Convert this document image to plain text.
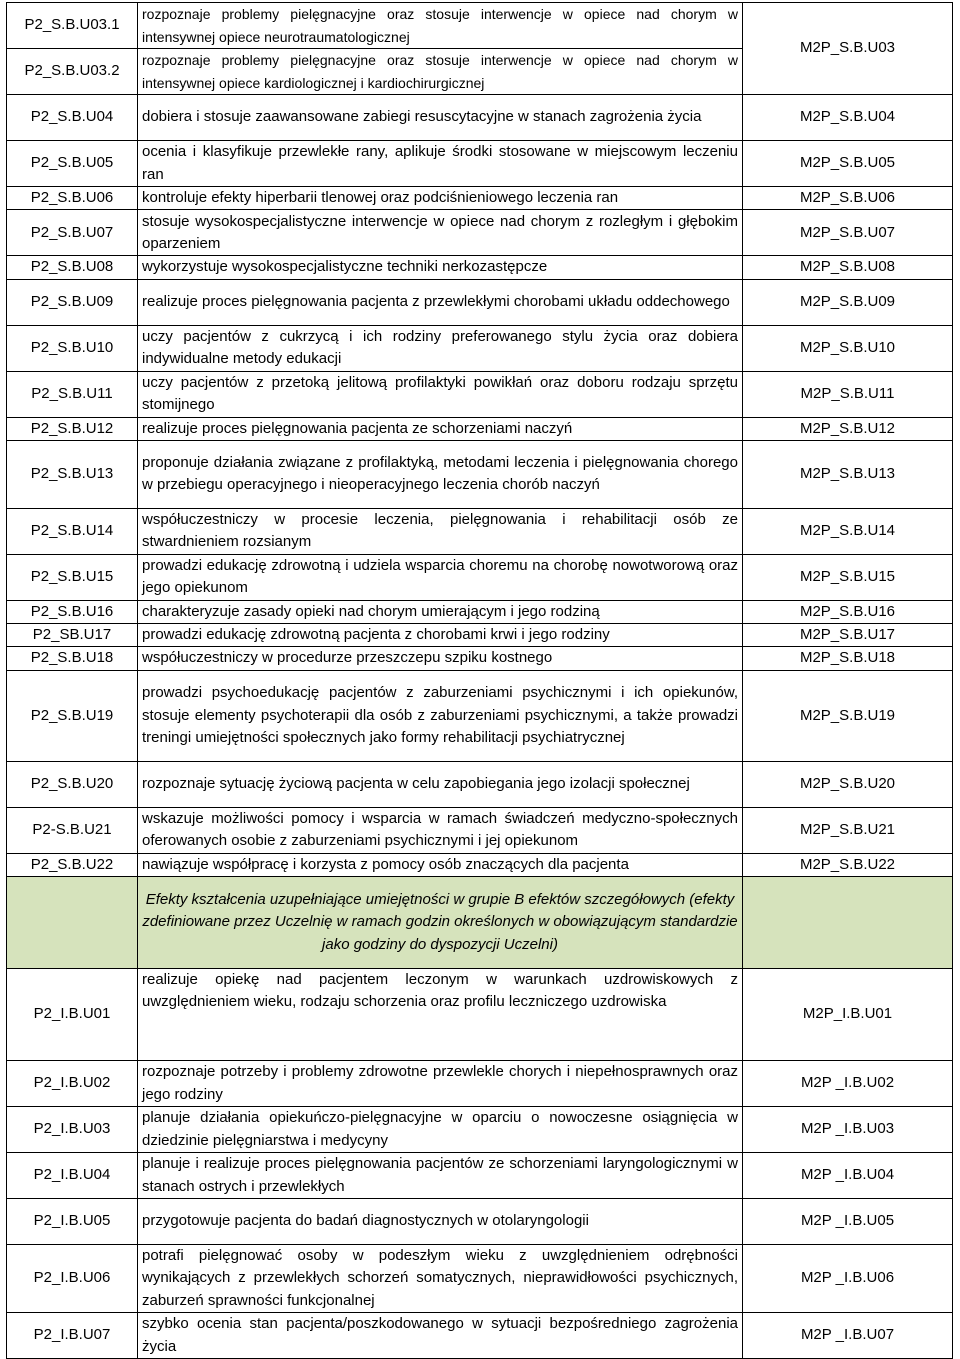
P2_S.B.U03.1	rozpoznaje problemy pielęgnacyjne oraz stosuje interwencje w opiece nad chorym w intensywnej opiece neurotraumatologicznej	M2P_S.B.U03
P2_S.B.U03.2	rozpoznaje problemy pielęgnacyjne oraz stosuje interwencje w opiece nad chorym w intensywnej opiece kardiologicznej i kardiochirurgicznej	
P2_S.B.U04	dobiera i stosuje zaawansowane zabiegi resuscytacyjne w stanach zagrożenia życia	M2P_S.B.U04
P2_S.B.U05	ocenia i klasyfikuje przewlekłe rany, aplikuje środki stosowane w miejscowym leczeniu ran	M2P_S.B.U05
P2_S.B.U06	kontroluje efekty hiperbarii tlenowej oraz podciśnieniowego leczenia ran	M2P_S.B.U06
P2_S.B.U07	stosuje wysokospecjalistyczne interwencje w opiece nad chorym z rozległym i głębokim oparzeniem	M2P_S.B.U07
P2_S.B.U08	wykorzystuje wysokospecjalistyczne techniki nerkozastępcze	M2P_S.B.U08
P2_S.B.U09	realizuje proces pielęgnowania pacjenta z przewlekłymi chorobami układu oddechowego	M2P_S.B.U09
P2_S.B.U10	uczy pacjentów z cukrzycą i ich rodziny preferowanego stylu życia oraz dobiera indywidualne metody edukacji	M2P_S.B.U10
P2_S.B.U11	uczy pacjentów z przetoką jelitową profilaktyki powikłań oraz doboru rodzaju sprzętu stomijnego	M2P_S.B.U11
P2_S.B.U12	realizuje proces pielęgnowania pacjenta ze schorzeniami naczyń	M2P_S.B.U12
P2_S.B.U13	proponuje działania związane z profilaktyką, metodami leczenia i pielęgnowania chorego w przebiegu operacyjnego i nieoperacyjnego leczenia chorób naczyń	M2P_S.B.U13
P2_S.B.U14	współuczestniczy w procesie leczenia, pielęgnowania i rehabilitacji osób ze stwardnieniem rozsianym	M2P_S.B.U14
P2_S.B.U15	prowadzi edukację zdrowotną i udziela wsparcia choremu na chorobę nowotworową oraz jego opiekunom	M2P_S.B.U15
P2_S.B.U16	charakteryzuje zasady opieki nad chorym umierającym i jego rodziną	M2P_S.B.U16
P2_SB.U17	prowadzi edukację zdrowotną pacjenta z chorobami krwi i jego rodziny	M2P_S.B.U17
P2_S.B.U18	współuczestniczy w procedurze przeszczepu szpiku kostnego	M2P_S.B.U18
P2_S.B.U19	prowadzi psychoedukację pacjentów z zaburzeniami psychicznymi i ich opiekunów, stosuje elementy psychoterapii dla osób z zaburzeniami psychicznymi, a także prowadzi treningi umiejętności społecznych jako formy rehabilitacji psychiatrycznej	M2P_S.B.U19
P2_S.B.U20	rozpoznaje sytuację życiową pacjenta w celu zapobiegania jego izolacji społecznej	M2P_S.B.U20
P2-S.B.U21	wskazuje możliwości pomocy i wsparcia w ramach świadczeń medyczno-społecznych oferowanych osobie z zaburzeniami psychicznymi i jej opiekunom	M2P_S.B.U21
P2_S.B.U22	nawiązuje współpracę i korzysta z pomocy osób znaczących dla pacjenta	M2P_S.B.U22
	Efekty kształcenia uzupełniające umiejętności w grupie B efektów szczegółowych (efekty zdefiniowane przez Uczelnię w ramach godzin określonych w obowiązującym standardzie jako godziny do dyspozycji Uczelni)	
P2_I.B.U01	realizuje opiekę nad pacjentem leczonym w warunkach uzdrowiskowych z uwzględnieniem wieku, rodzaju schorzenia oraz profilu leczniczego uzdrowiska	M2P_I.B.U01
P2_I.B.U02	rozpoznaje potrzeby i problemy zdrowotne przewlekle chorych i niepełnosprawnych oraz jego rodziny	M2P _I.B.U02
P2_I.B.U03	planuje działania opiekuńczo-pielęgnacyjne w oparciu o nowoczesne osiągnięcia w dziedzinie pielęgniarstwa i medycyny	M2P _I.B.U03
P2_I.B.U04	planuje i realizuje proces pielęgnowania pacjentów ze schorzeniami laryngologicznymi w stanach ostrych i przewlekłych	M2P _I.B.U04
P2_I.B.U05	przygotowuje pacjenta do badań diagnostycznych w otolaryngologii	M2P _I.B.U05
P2_I.B.U06	potrafi pielęgnować osoby w podeszłym wieku z uwzględnieniem odrębności wynikających z przewlekłych schorzeń somatycznych, nieprawidłowości psychicznych, zaburzeń sprawności funkcjonalnej	M2P _I.B.U06
P2_I.B.U07	szybko ocenia stan pacjenta/poszkodowanego w sytuacji bezpośredniego zagrożenia życia	M2P _I.B.U07
